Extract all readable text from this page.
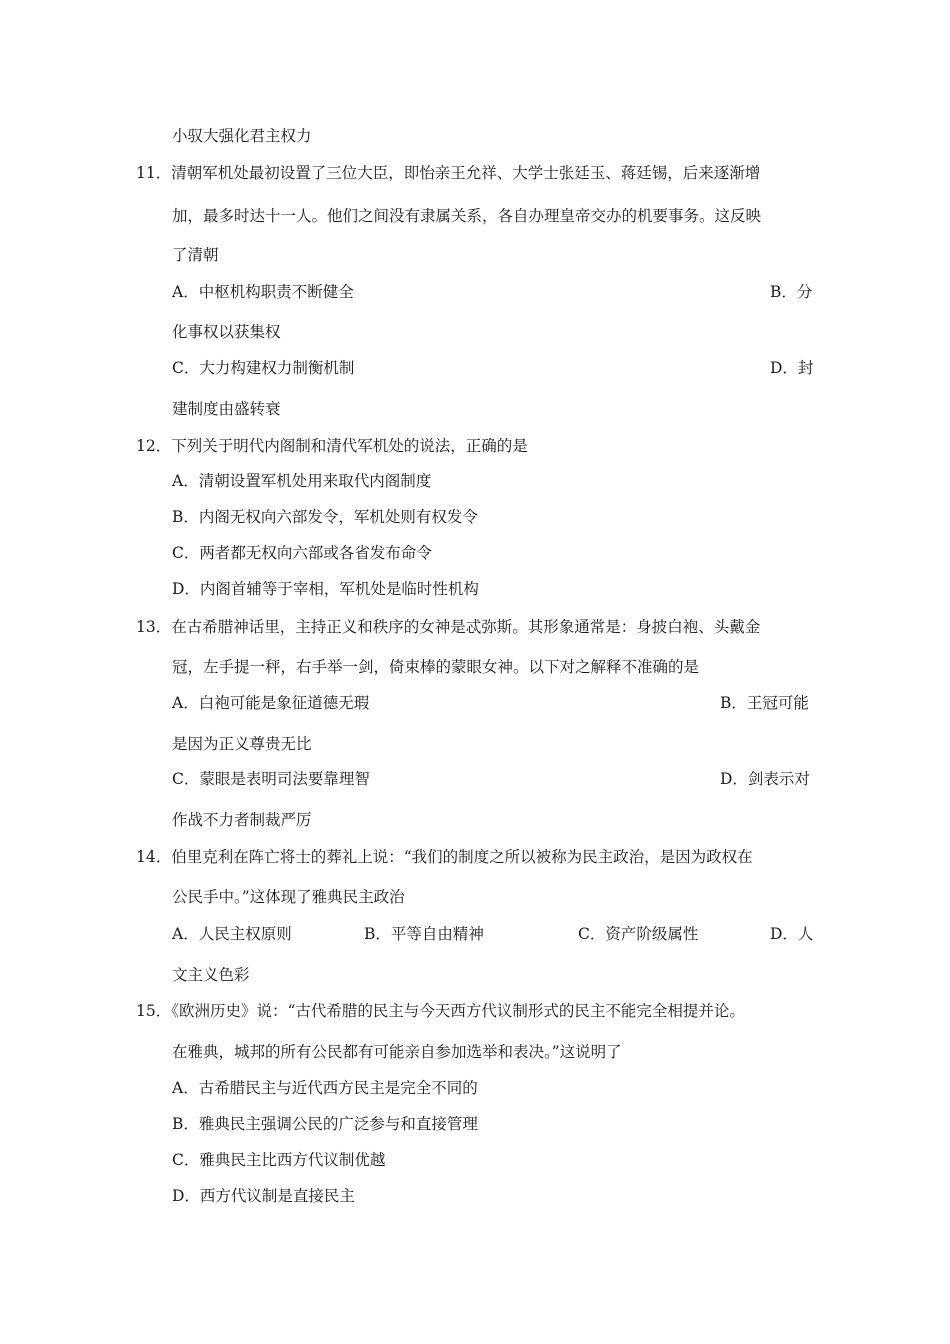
小驭大强化君主权力
11．清朝军机处最初设置了三位大臣，即怡亲王允祥、大学士张廷玉、蒋廷锡，后来逐渐增
加，最多时达十一人。他们之间没有隶属关系，各自办理皇帝交办的机要事务。这反映
了清朝
A．中枢机构职责不断健全	B．分
化事权以获集权
C．大力构建权力制衡机制	D．封
建制度由盛转衰
12．下列关于明代内阁制和清代军机处的说法，正确的是
A．清朝设置军机处用来取代内阁制度
B．内阁无权向六部发令，军机处则有权发令
C．两者都无权向六部或各省发布命令
D．内阁首辅等于宰相，军机处是临时性机构
13．在古希腊神话里，主持正义和秩序的女神是忒弥斯。其形象通常是：身披白袍、头戴金
冠，左手提一秤，右手举一剑，倚束棒的蒙眼女神。以下对之解释不准确的是
A．白袍可能是象征道德无瑕	B．王冠可能
是因为正义尊贵无比
C．蒙眼是表明司法要靠理智	D．剑表示对
作战不力者制裁严厉
14．伯里克利在阵亡将士的葬礼上说：“我们的制度之所以被称为民主政治，是因为政权在
公民手中。”这体现了雅典民主政治
A．人民主权原则	B．平等自由精神	C．资产阶级属性	D．人
文主义色彩
15．《欧洲历史》说：“古代希腊的民主与今天西方代议制形式的民主不能完全相提并论。
在雅典，城邦的所有公民都有可能亲自参加选举和表决。”这说明了
A．古希腊民主与近代西方民主是完全不同的
B．雅典民主强调公民的广泛参与和直接管理
C．雅典民主比西方代议制优越
D．西方代议制是直接民主
